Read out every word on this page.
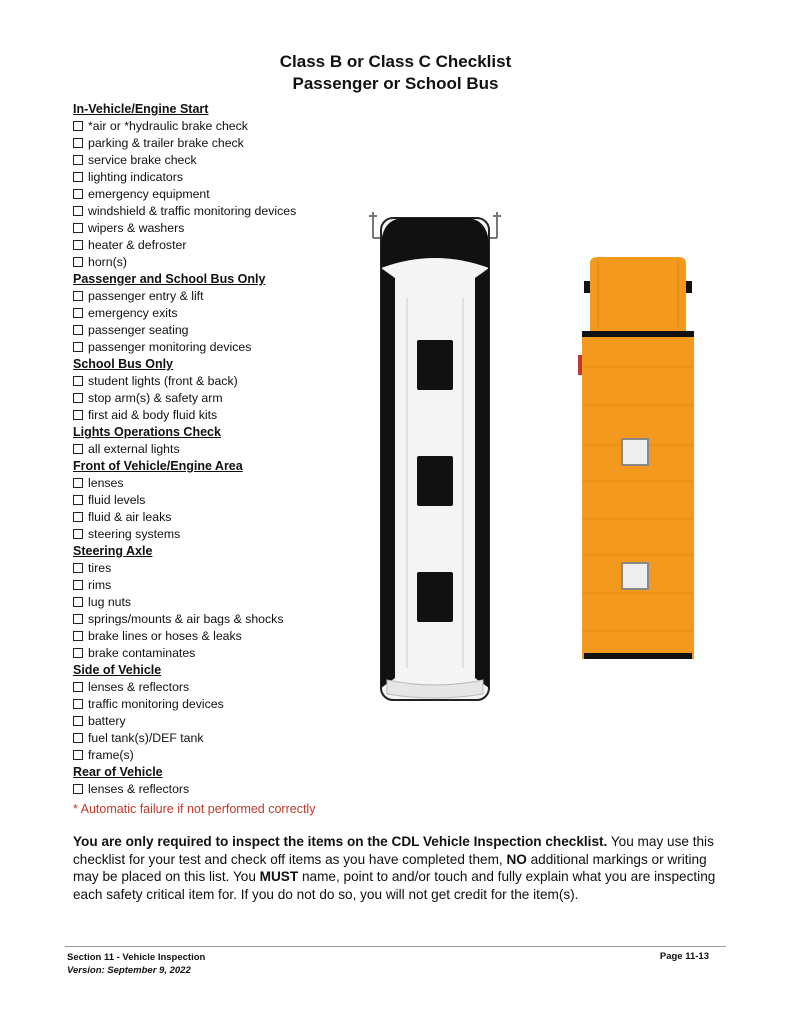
Class B or Class C Checklist
Passenger or School Bus
In-Vehicle/Engine Start
*air or *hydraulic brake check
parking & trailer brake check
service brake check
lighting indicators
emergency equipment
windshield & traffic monitoring devices
wipers & washers
heater & defroster
horn(s)
Passenger and School Bus Only
passenger entry & lift
emergency exits
passenger seating
passenger monitoring devices
School Bus Only
student lights (front & back)
stop arm(s) & safety arm
first aid & body fluid kits
Lights Operations Check
all external lights
Front of Vehicle/Engine Area
lenses
fluid levels
fluid & air leaks
steering systems
Steering Axle
tires
rims
lug nuts
springs/mounts & air bags & shocks
brake lines or hoses & leaks
brake contaminates
Side of Vehicle
lenses & reflectors
traffic monitoring devices
battery
fuel tank(s)/DEF tank
frame(s)
Rear of Vehicle
lenses & reflectors
* Automatic failure if not performed correctly
You are only required to inspect the items on the CDL Vehicle Inspection checklist. You may use this checklist for your test and check off items as you have completed them, NO additional markings or writing may be placed on this list. You MUST name, point to and/or touch and fully explain what you are inspecting each safety critical item for. If you do not do so, you will not get credit for the item(s).
Section 11 - Vehicle Inspection
Version: September 9, 2022
Page 11-13
